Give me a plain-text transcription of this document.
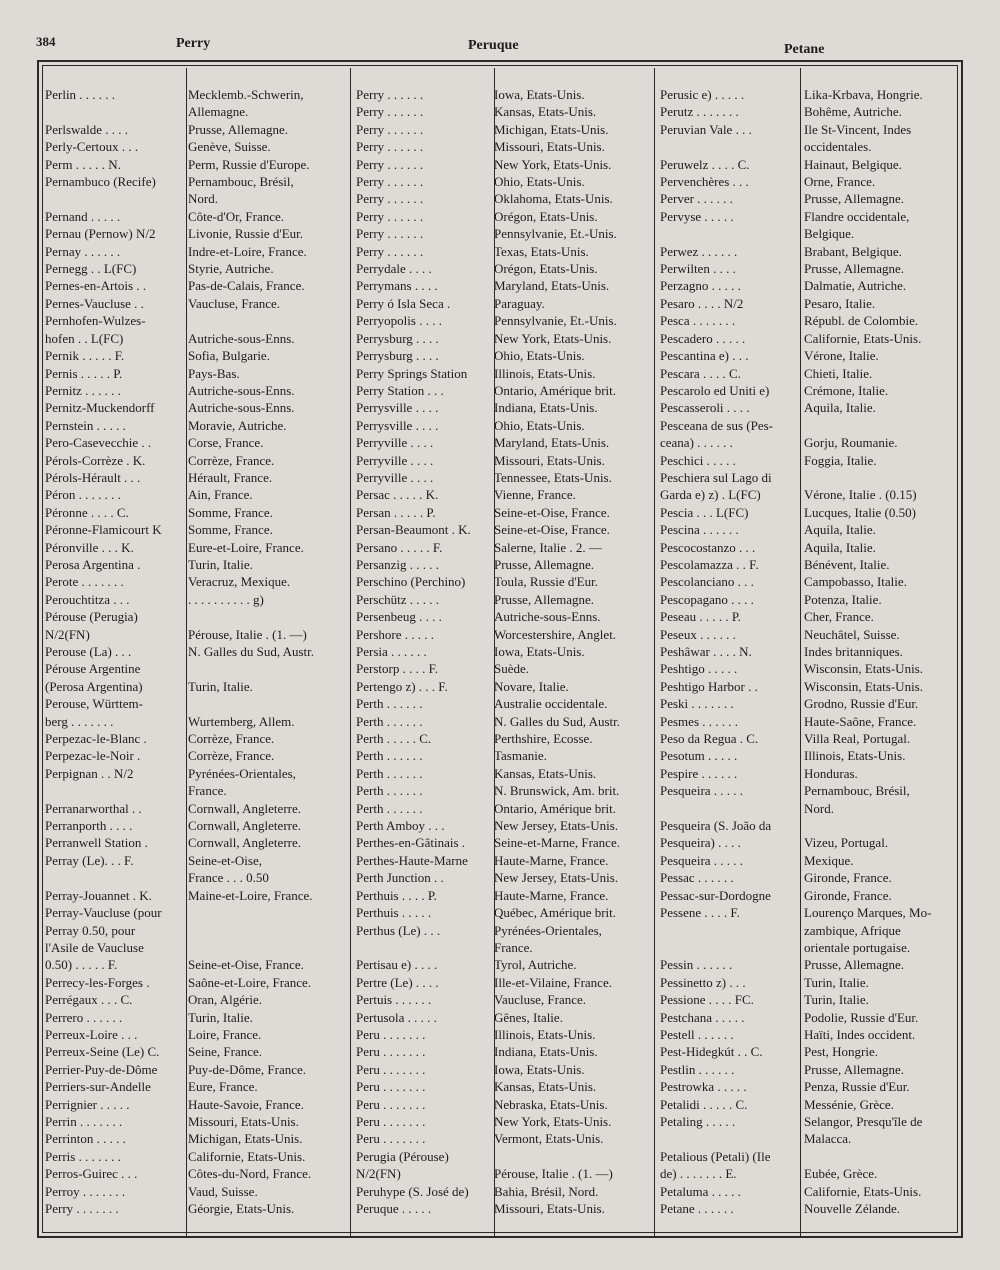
384	Perry	Peruque	Petane
Perlin . . . . . .	Mecklemb.-Schwerin,
Allemagne.
Perlswalde . . . .	Prusse, Allemagne.
Perly-Certoux . . .	Genève, Suisse.
Perm . . . . . N.	Perm, Russie d'Europe.
Pernambuco (Recife)	Pernambouc, Brésil,
Nord.
Pernand . . . . .	Côte-d'Or, France.
Pernau (Pernow) N/2	Livonie, Russie d'Eur.
Pernay . . . . . .	Indre-et-Loire, France.
Pernegg . . L(FC)	Styrie, Autriche.
Pernes-en-Artois . .	Pas-de-Calais, France.
Pernes-Vaucluse . .	Vaucluse, France.
Pernhofen-Wulzes-
hofen . . L(FC)	Autriche-sous-Enns.
Pernik . . . . . F.	Sofia, Bulgarie.
Pernis . . . . . P.	Pays-Bas.
Pernitz . . . . . .	Autriche-sous-Enns.
Pernitz-Muckendorff	Autriche-sous-Enns.
Pernstein . . . . .	Moravie, Autriche.
Pero-Casevecchie . .	Corse, France.
Pérols-Corrèze . K.	Corrèze, France.
Pérols-Hérault . . .	Hérault, France.
Péron . . . . . . .	Ain, France.
Péronne . . . . C.	Somme, France.
Péronne-Flamicourt K	Somme, France.
Péronville . . . K.	Eure-et-Loire, France.
Perosa Argentina .	Turin, Italie.
Perote . . . . . . .	Veracruz, Mexique.
Perouchtitza . . .	. . . . . . . . . . g)
Pérouse (Perugia)
N/2(FN)	Pérouse, Italie . (1. —)
Perouse (La) . . .	N. Galles du Sud, Austr.
Pérouse Argentine
(Perosa Argentina)	Turin, Italie.
Perouse, Württem-
berg . . . . . . .	Wurtemberg, Allem.
Perpezac-le-Blanc .	Corrèze, France.
Perpezac-le-Noir .	Corrèze, France.
Perpignan . . N/2	Pyrénées-Orientales,
France.
Perranarworthal . .	Cornwall, Angleterre.
Perranporth . . . .	Cornwall, Angleterre.
Perranwell Station .	Cornwall, Angleterre.
Perray (Le). . . F.	Seine-et-Oise,
France . . . 0.50
Perray-Jouannet . K.	Maine-et-Loire, France.
Perray-Vaucluse (pour
Perray 0.50, pour
l'Asile de Vaucluse
0.50) . . . . . F.	Seine-et-Oise, France.
Perrecy-les-Forges .	Saône-et-Loire, France.
Perrégaux . . . C.	Oran, Algérie.
Perrero . . . . . .	Turin, Italie.
Perreux-Loire . . .	Loire, France.
Perreux-Seine (Le) C.	Seine, France.
Perrier-Puy-de-Dôme	Puy-de-Dôme, France.
Perriers-sur-Andelle	Eure, France.
Perrignier . . . . .	Haute-Savoie, France.
Perrin . . . . . . .	Missouri, Etats-Unis.
Perrinton . . . . .	Michigan, Etats-Unis.
Perris . . . . . . .	Californie, Etats-Unis.
Perros-Guirec . . .	Côtes-du-Nord, France.
Perroy . . . . . . .	Vaud, Suisse.
Perry . . . . . . .	Géorgie, Etats-Unis.
Perry . . . . . .	Iowa, Etats-Unis.
Perry . . . . . .	Kansas, Etats-Unis.
Perry . . . . . .	Michigan, Etats-Unis.
Perry . . . . . .	Missouri, Etats-Unis.
Perry . . . . . .	New York, Etats-Unis.
Perry . . . . . .	Ohio, Etats-Unis.
Perry . . . . . .	Oklahoma, Etats-Unis.
Perry . . . . . .	Orégon, Etats-Unis.
Perry . . . . . .	Pennsylvanie, Et.-Unis.
Perry . . . . . .	Texas, Etats-Unis.
Perrydale . . . .	Orégon, Etats-Unis.
Perrymans . . . .	Maryland, Etats-Unis.
Perry ó Isla Seca .	Paraguay.
Perryopolis . . . .	Pennsylvanie, Et.-Unis.
Perrysburg . . . .	New York, Etats-Unis.
Perrysburg . . . .	Ohio, Etats-Unis.
Perry Springs Station	Illinois, Etats-Unis.
Perry Station . . .	Ontario, Amérique brit.
Perrysville . . . .	Indiana, Etats-Unis.
Perrysville . . . .	Ohio, Etats-Unis.
Perryville . . . .	Maryland, Etats-Unis.
Perryville . . . .	Missouri, Etats-Unis.
Perryville . . . .	Tennessee, Etats-Unis.
Persac . . . . . K.	Vienne, France.
Persan . . . . . P.	Seine-et-Oise, France.
Persan-Beaumont . K.	Seine-et-Oise, France.
Persano . . . . . F.	Salerne, Italie . 2. —
Persanzig . . . . .	Prusse, Allemagne.
Perschino (Perchino)	Toula, Russie d'Eur.
Perschütz . . . . .	Prusse, Allemagne.
Persenbeug . . . .	Autriche-sous-Enns.
Pershore . . . . .	Worcestershire, Anglet.
Persia . . . . . .	Iowa, Etats-Unis.
Perstorp . . . . F.	Suède.
Pertengo z) . . . F.	Novare, Italie.
Perth . . . . . .	Australie occidentale.
Perth . . . . . .	N. Galles du Sud, Austr.
Perth . . . . . C.	Perthshire, Ecosse.
Perth . . . . . .	Tasmanie.
Perth . . . . . .	Kansas, Etats-Unis.
Perth . . . . . .	N. Brunswick, Am. brit.
Perth . . . . . .	Ontario, Amérique brit.
Perth Amboy . . .	New Jersey, Etats-Unis.
Perthes-en-Gâtinais .	Seine-et-Marne, France.
Perthes-Haute-Marne	Haute-Marne, France.
Perth Junction . .	New Jersey, Etats-Unis.
Perthuis . . . . P.	Haute-Marne, France.
Perthuis . . . . .	Québec, Amérique brit.
Perthus (Le) . . .	Pyrénées-Orientales,
France.
Pertisau e) . . . .	Tyrol, Autriche.
Pertre (Le) . . . .	Ille-et-Vilaine, France.
Pertuis . . . . . .	Vaucluse, France.
Pertusola . . . . .	Gênes, Italie.
Peru . . . . . . .	Illinois, Etats-Unis.
Peru . . . . . . .	Indiana, Etats-Unis.
Peru . . . . . . .	Iowa, Etats-Unis.
Peru . . . . . . .	Kansas, Etats-Unis.
Peru . . . . . . .	Nebraska, Etats-Unis.
Peru . . . . . . .	New York, Etats-Unis.
Peru . . . . . . .	Vermont, Etats-Unis.
Perugia (Pérouse)
N/2(FN)	Pérouse, Italie . (1. —)
Peruhype (S. José de)	Bahia, Brésil, Nord.
Peruque . . . . .	Missouri, Etats-Unis.
Perusic e) . . . . .	Lika-Krbava, Hongrie.
Perutz . . . . . . .	Bohême, Autriche.
Peruvian Vale . . .	Ile St-Vincent, Indes
occidentales.
Peruwelz . . . . C.	Hainaut, Belgique.
Pervenchères . . .	Orne, France.
Perver . . . . . .	Prusse, Allemagne.
Pervyse . . . . .	Flandre occidentale,
Belgique.
Perwez . . . . . .	Brabant, Belgique.
Perwilten . . . .	Prusse, Allemagne.
Perzagno . . . . .	Dalmatie, Autriche.
Pesaro . . . . N/2	Pesaro, Italie.
Pesca . . . . . . .	Républ. de Colombie.
Pescadero . . . . .	Californie, Etats-Unis.
Pescantina e) . . .	Vérone, Italie.
Pescara . . . . C.	Chieti, Italie.
Pescarolo ed Uniti e)	Crémone, Italie.
Pescasseroli . . . .	Aquila, Italie.
Pesceana de sus (Pes-
ceana) . . . . . .	Gorju, Roumanie.
Peschici . . . . .	Foggia, Italie.
Peschiera sul Lago di
Garda e) z) . L(FC)	Vérone, Italie . (0.15)
Pescia . . . L(FC)	Lucques, Italie (0.50)
Pescina . . . . . .	Aquila, Italie.
Pescocostanzo . . .	Aquila, Italie.
Pescolamazza . . F.	Bénévent, Italie.
Pescolanciano . . .	Campobasso, Italie.
Pescopagano . . . .	Potenza, Italie.
Peseau . . . . . P.	Cher, France.
Peseux . . . . . .	Neuchâtel, Suisse.
Peshâwar . . . . N.	Indes britanniques.
Peshtigo . . . . .	Wisconsin, Etats-Unis.
Peshtigo Harbor . .	Wisconsin, Etats-Unis.
Peski . . . . . . .	Grodno, Russie d'Eur.
Pesmes . . . . . .	Haute-Saône, France.
Peso da Regua . C.	Villa Real, Portugal.
Pesotum . . . . .	Illinois, Etats-Unis.
Pespire . . . . . .	Honduras.
Pesqueira . . . . .	Pernambouc, Brésil,
Nord.
Pesqueira (S. João da
Pesqueira) . . . .	Vizeu, Portugal.
Pesqueira . . . . .	Mexique.
Pessac . . . . . .	Gironde, France.
Pessac-sur-Dordogne	Gironde, France.
Pessene . . . . F.	Lourenço Marques, Mo-
zambique, Afrique
orientale portugaise.
Pessin . . . . . .	Prusse, Allemagne.
Pessinetto z) . . .	Turin, Italie.
Pessione . . . . FC.	Turin, Italie.
Pestchana . . . . .	Podolie, Russie d'Eur.
Pestell . . . . . .	Haïti, Indes occident.
Pest-Hidegkút . . C.	Pest, Hongrie.
Pestlin . . . . . .	Prusse, Allemagne.
Pestrowka . . . . .	Penza, Russie d'Eur.
Petalidi . . . . . C.	Messénie, Grèce.
Petaling . . . . .	Selangor, Presqu'île de
Malacca.
Petalious (Petali) (Ile
de) . . . . . . . E.	Eubée, Grèce.
Petaluma . . . . .	Californie, Etats-Unis.
Petane . . . . . .	Nouvelle Zélande.
